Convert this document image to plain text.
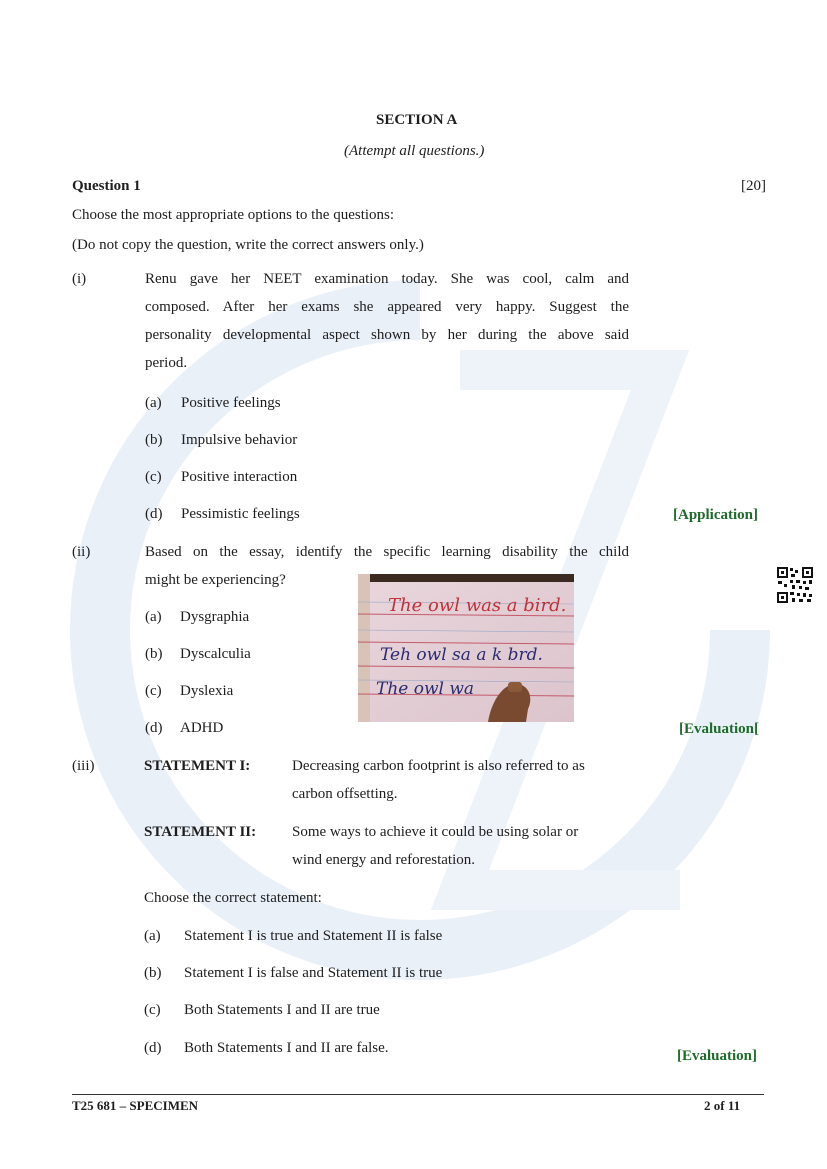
SECTION A
(Attempt all questions.)
Question 1	[20]
Choose the most appropriate options to the questions:
(Do not copy the question, write the correct answers only.)
(i)	Renu gave her NEET examination today. She was cool, calm and
composed. After her exams she appeared very happy. Suggest the
personality developmental aspect shown by her during the above said
period.
(a) Positive feelings
(b) Impulsive behavior
(c) Positive interaction
(d) Pessimistic feelings	[Application]
(ii)	Based on the essay, identify the specific learning disability the child
might be experiencing?
(a) Dysgraphia
(b) Dyscalculia
(c) Dyslexia
(d) ADHD	[Evaluation[
The owl was a bird.
Teh owl sa a k brd.
The owl wa
(iii)	STATEMENT I:	Decreasing carbon footprint is also referred to as
carbon offsetting.
STATEMENT II: Some ways to achieve it could be using solar or
wind energy and reforestation.
Choose the correct statement:
(a) Statement I is true and Statement II is false
(b) Statement I is false and Statement II is true
(c) Both Statements I and II are true
(d) Both Statements I and II are false.	[Evaluation]
T25 681 – SPECIMEN	2 of 11
